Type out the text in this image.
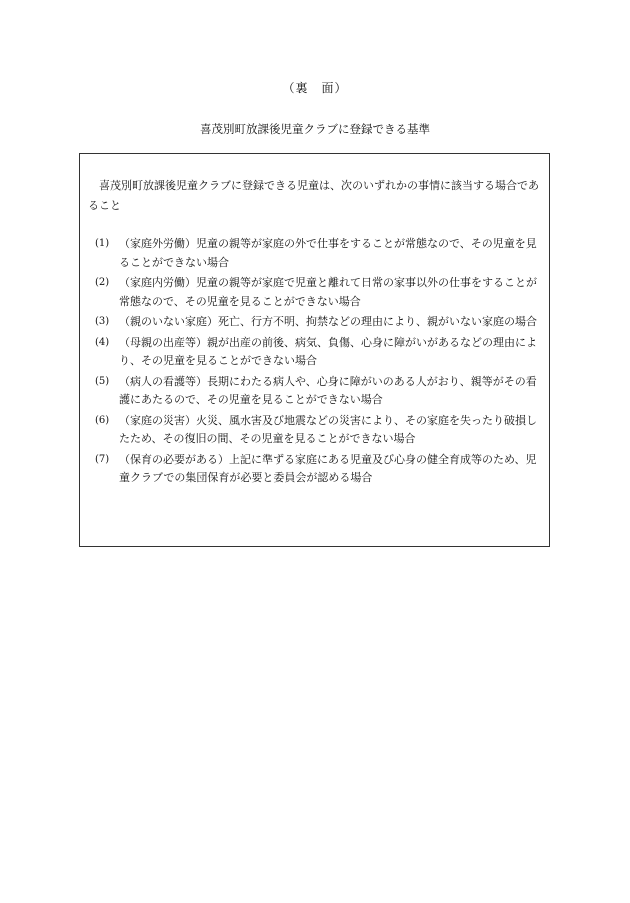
（裏　面）
喜茂別町放課後児童クラブに登録できる基準

喜茂別町放課後児童クラブに登録できる児童は、次のいずれかの事情に該当する場合であること

(1) （家庭外労働）児童の親等が家庭の外で仕事をすることが常態なので、その児童を見ることができない場合
(2) （家庭内労働）児童の親等が家庭で児童と離れて日常の家事以外の仕事をすることが常態なので、その児童を見ることができない場合
(3) （親のいない家庭）死亡、行方不明、拘禁などの理由により、親がいない家庭の場合
(4) （母親の出産等）親が出産の前後、病気、負傷、心身に障がいがあるなどの理由により、その児童を見ることができない場合
(5) （病人の看護等）長期にわたる病人や、心身に障がいのある人がおり、親等がその看護にあたるので、その児童を見ることができない場合
(6) （家庭の災害）火災、風水害及び地震などの災害により、その家庭を失ったり破損したため、その復旧の間、その児童を見ることができない場合
(7) （保育の必要がある）上記に準ずる家庭にある児童及び心身の健全育成等のため、児童クラブでの集団保育が必要と委員会が認める場合
